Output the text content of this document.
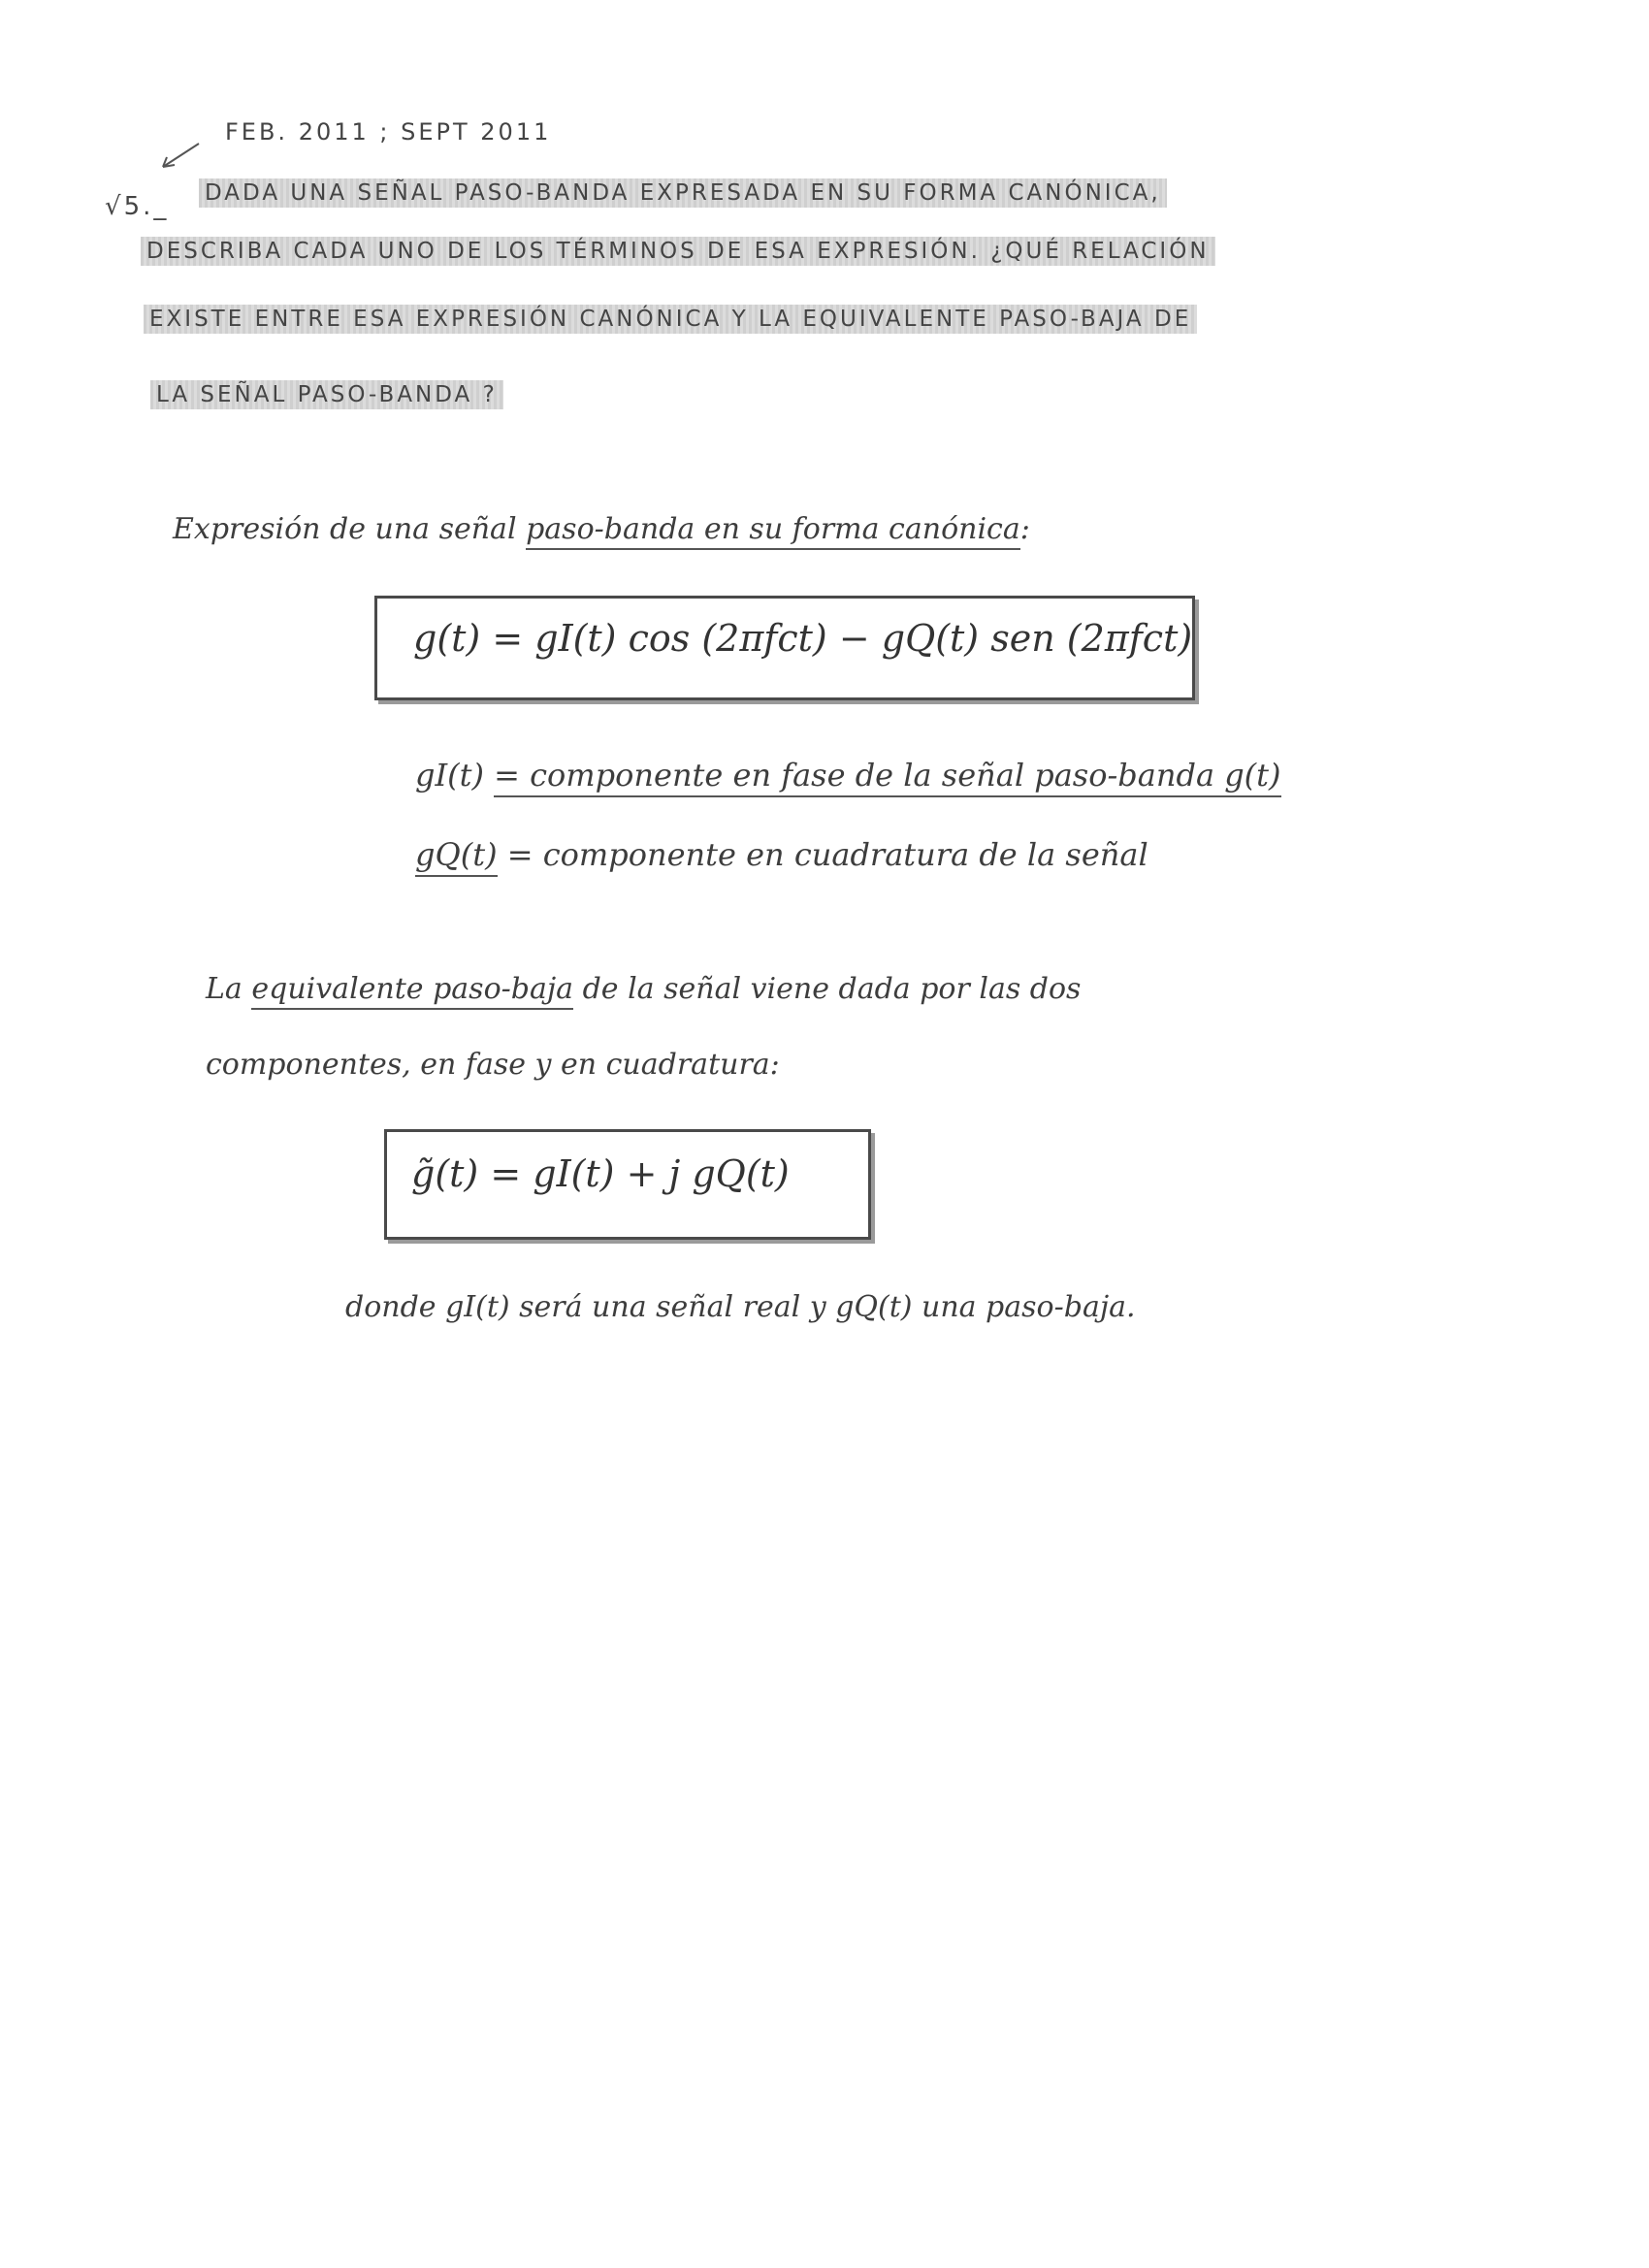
FEB. 2011 ; SEPT 2011
√5._ DADA UNA SEÑAL PASO-BANDA EXPRESADA EN SU FORMA CANÓNICA,
DESCRIBA CADA UNO DE LOS TÉRMINOS DE ESA EXPRESIÓN. ¿QUÉ RELACIÓN
EXISTE ENTRE ESA EXPRESIÓN CANÓNICA Y LA EQUIVALENTE PASO-BAJA DE
LA SEÑAL PASO-BANDA ?
Expresión de una señal paso-banda en su forma canónica:
g(t) = gI(t) cos (2πfct) − gQ(t) sen (2πfct)
gI(t) = componente en fase de la señal paso-banda g(t)
gQ(t) = componente en cuadratura de la señal
La equivalente paso-baja de la señal viene dada por las dos
componentes, en fase y en cuadratura:
g̃(t) = gI(t) + j gQ(t)
donde gI(t) será una señal real y gQ(t) una paso-baja.
